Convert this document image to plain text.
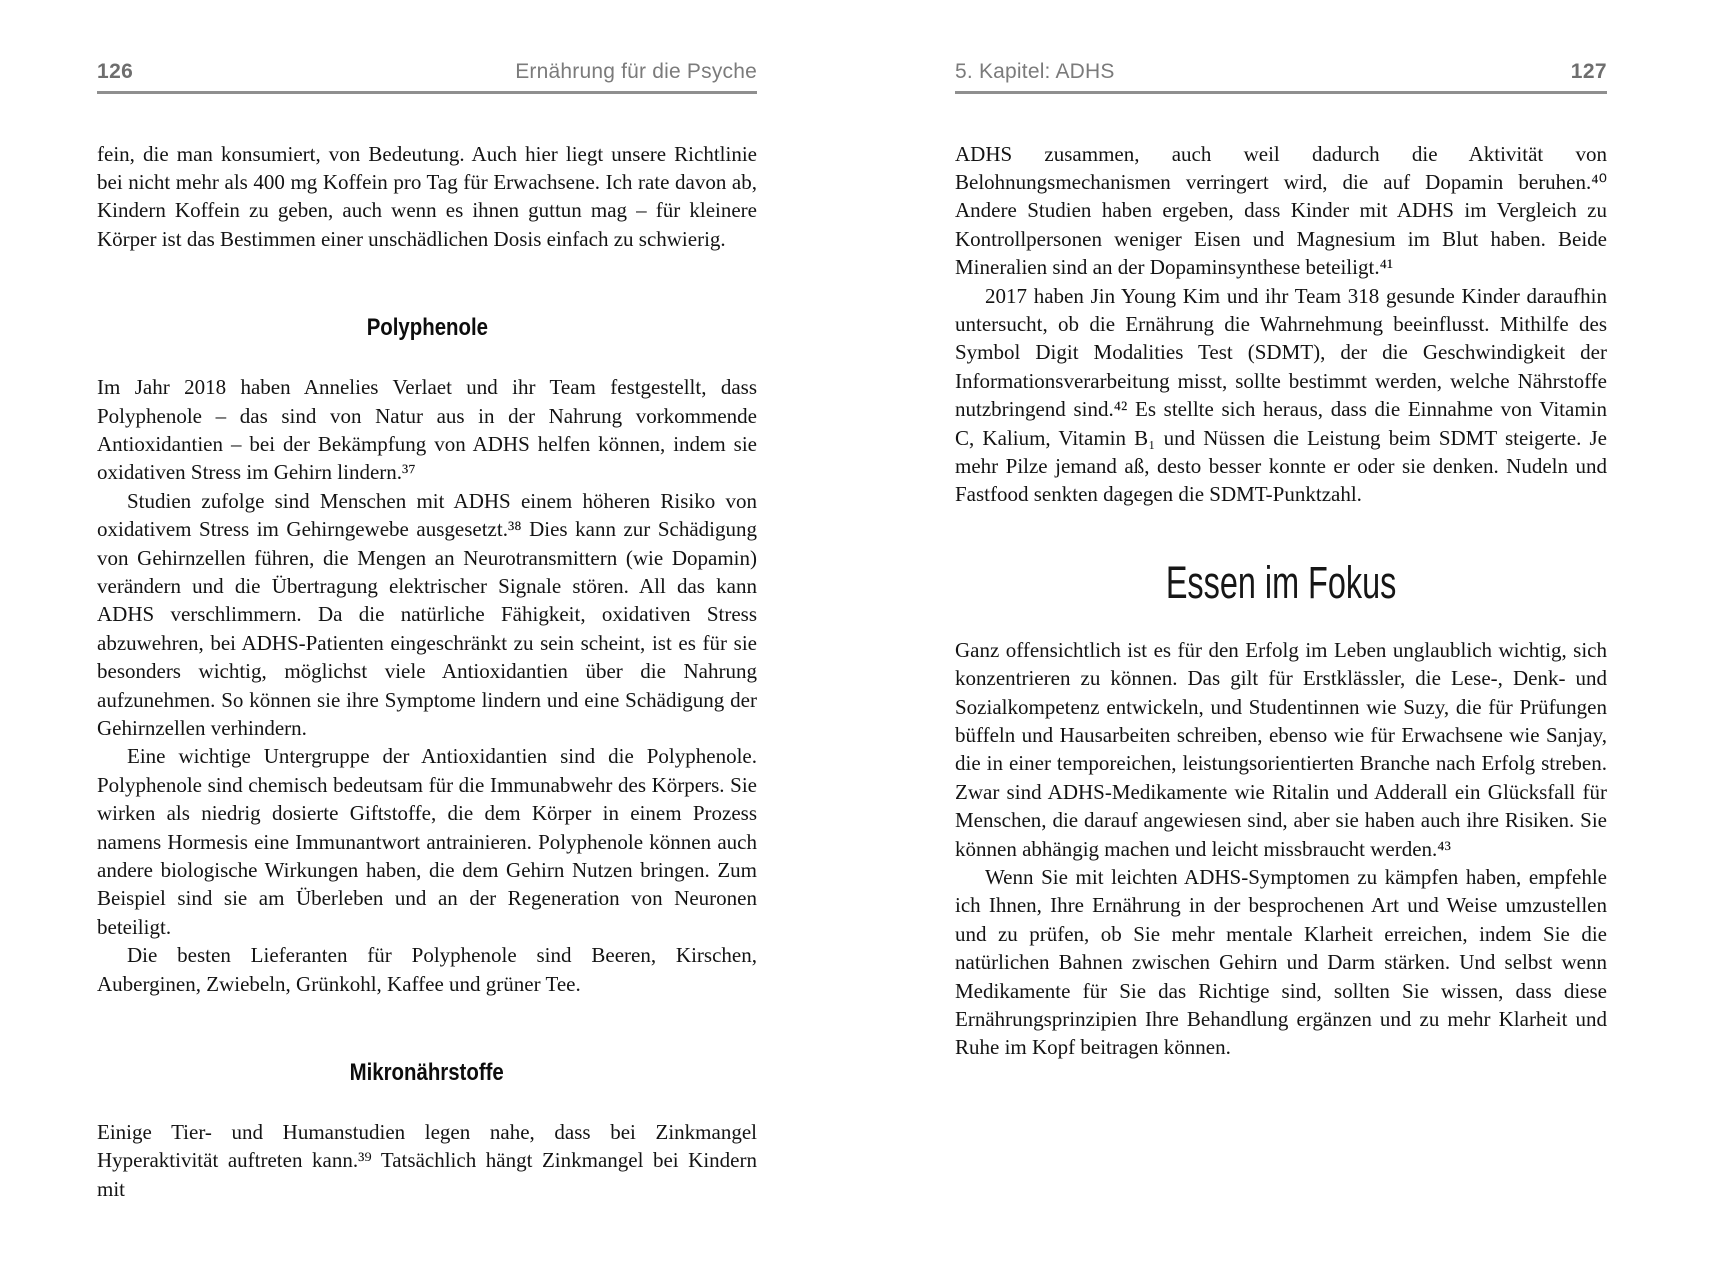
126	Ernährung für die Psyche

fein, die man konsumiert, von Bedeutung. Auch hier liegt unsere Richtlinie bei nicht mehr als 400 mg Koffein pro Tag für Erwachsene. Ich rate davon ab, Kindern Koffein zu geben, auch wenn es ihnen guttun mag – für kleinere Körper ist das Bestimmen einer unschädlichen Dosis einfach zu schwierig.

Polyphenole

Im Jahr 2018 haben Annelies Verlaet und ihr Team festgestellt, dass Polyphenole – das sind von Natur aus in der Nahrung vorkommende Antioxidantien – bei der Bekämpfung von ADHS helfen können, indem sie oxidativen Stress im Gehirn lindern.³⁷

Studien zufolge sind Menschen mit ADHS einem höheren Risiko von oxidativem Stress im Gehirngewebe ausgesetzt.³⁸ Dies kann zur Schädigung von Gehirnzellen führen, die Mengen an Neurotransmittern (wie Dopamin) verändern und die Übertragung elektrischer Signale stören. All das kann ADHS verschlimmern. Da die natürliche Fähigkeit, oxidativen Stress abzuwehren, bei ADHS-Patienten eingeschränkt zu sein scheint, ist es für sie besonders wichtig, möglichst viele Antioxidantien über die Nahrung aufzunehmen. So können sie ihre Symptome lindern und eine Schädigung der Gehirnzellen verhindern.

Eine wichtige Untergruppe der Antioxidantien sind die Polyphenole. Polyphenole sind chemisch bedeutsam für die Immunabwehr des Körpers. Sie wirken als niedrig dosierte Giftstoffe, die dem Körper in einem Prozess namens Hormesis eine Immunantwort antrainieren. Polyphenole können auch andere biologische Wirkungen haben, die dem Gehirn Nutzen bringen. Zum Beispiel sind sie am Überleben und an der Regeneration von Neuronen beteiligt.

Die besten Lieferanten für Polyphenole sind Beeren, Kirschen, Auberginen, Zwiebeln, Grünkohl, Kaffee und grüner Tee.

Mikronährstoffe

Einige Tier- und Humanstudien legen nahe, dass bei Zinkmangel Hyperaktivität auftreten kann.³⁹ Tatsächlich hängt Zinkmangel bei Kindern mit

5. Kapitel: ADHS	127

ADHS zusammen, auch weil dadurch die Aktivität von Belohnungsmechanismen verringert wird, die auf Dopamin beruhen.⁴⁰ Andere Studien haben ergeben, dass Kinder mit ADHS im Vergleich zu Kontrollpersonen weniger Eisen und Magnesium im Blut haben. Beide Mineralien sind an der Dopaminsynthese beteiligt.⁴¹

2017 haben Jin Young Kim und ihr Team 318 gesunde Kinder daraufhin untersucht, ob die Ernährung die Wahrnehmung beeinflusst. Mithilfe des Symbol Digit Modalities Test (SDMT), der die Geschwindigkeit der Informationsverarbeitung misst, sollte bestimmt werden, welche Nährstoffe nutzbringend sind.⁴² Es stellte sich heraus, dass die Einnahme von Vitamin C, Kalium, Vitamin B₁ und Nüssen die Leistung beim SDMT steigerte. Je mehr Pilze jemand aß, desto besser konnte er oder sie denken. Nudeln und Fastfood senkten dagegen die SDMT-Punktzahl.

Essen im Fokus

Ganz offensichtlich ist es für den Erfolg im Leben unglaublich wichtig, sich konzentrieren zu können. Das gilt für Erstklässler, die Lese-, Denk- und Sozialkompetenz entwickeln, und Studentinnen wie Suzy, die für Prüfungen büffeln und Hausarbeiten schreiben, ebenso wie für Erwachsene wie Sanjay, die in einer temporeichen, leistungsorientierten Branche nach Erfolg streben. Zwar sind ADHS-Medikamente wie Ritalin und Adderall ein Glücksfall für Menschen, die darauf angewiesen sind, aber sie haben auch ihre Risiken. Sie können abhängig machen und leicht missbraucht werden.⁴³

Wenn Sie mit leichten ADHS-Symptomen zu kämpfen haben, empfehle ich Ihnen, Ihre Ernährung in der besprochenen Art und Weise umzustellen und zu prüfen, ob Sie mehr mentale Klarheit erreichen, indem Sie die natürlichen Bahnen zwischen Gehirn und Darm stärken. Und selbst wenn Medikamente für Sie das Richtige sind, sollten Sie wissen, dass diese Ernährungsprinzipien Ihre Behandlung ergänzen und zu mehr Klarheit und Ruhe im Kopf beitragen können.
